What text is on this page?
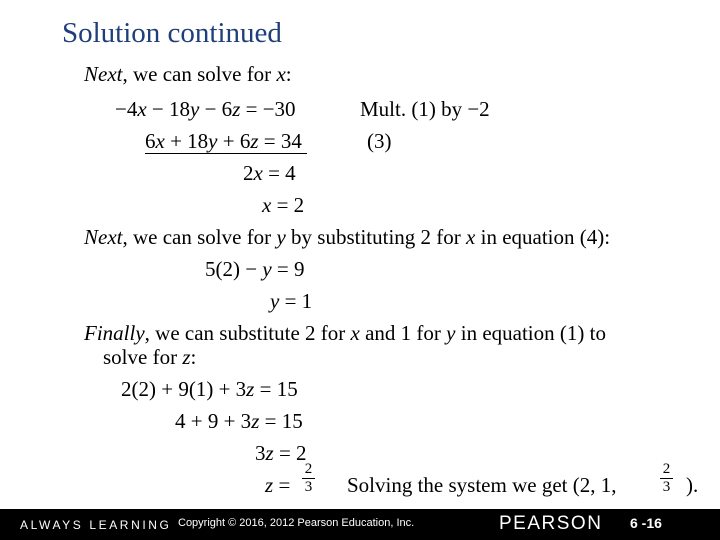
Solution continued
Next, we can solve for x:
−4x − 18y − 6z = −30	Mult. (1) by −2
6x + 18y + 6z = 34	(3)
2x = 4
x = 2
Next, we can solve for y by substituting 2 for x in equation (4):
5(2) − y = 9
y = 1
Finally, we can substitute 2 for x and 1 for y in equation (1) to
solve for z:
2(2) + 9(1) + 3z = 15
4 + 9 + 3z = 15
3z = 2
z =
2
3 Solving the system we get (2, 1,
2
3 ).
ALWAYS LEARNING Copyright © 2016, 2012 Pearson Education, Inc.	PEARSON 6 -16
